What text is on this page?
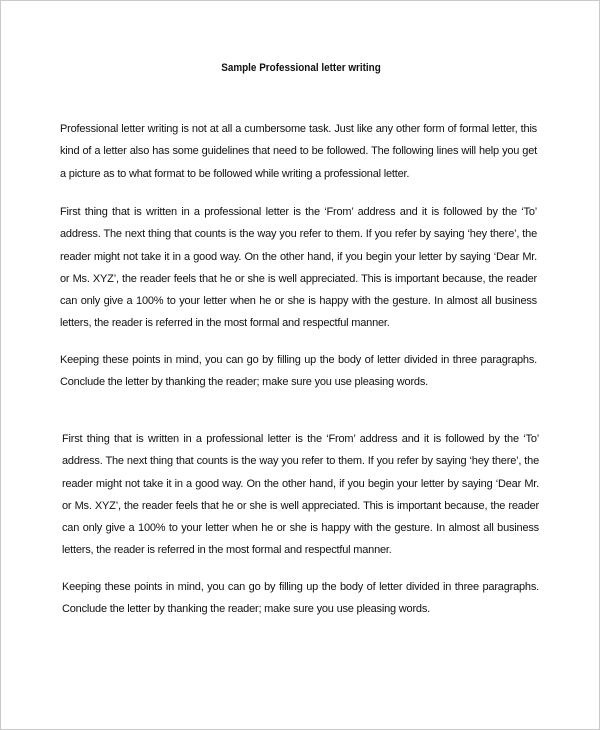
Sample Professional letter writing

Professional letter writing is not at all a cumbersome task. Just like any other form of formal letter, this kind of a letter also has some guidelines that need to be followed. The following lines will help you get a picture as to what format to be followed while writing a professional letter.

First thing that is written in a professional letter is the ‘From’ address and it is followed by the ‘To’ address. The next thing that counts is the way you refer to them. If you refer by saying ‘hey there’, the reader might not take it in a good way. On the other hand, if you begin your letter by saying ‘Dear Mr. or Ms. XYZ’, the reader feels that he or she is well appreciated. This is important because, the reader can only give a 100% to your letter when he or she is happy with the gesture. In almost all business letters, the reader is referred in the most formal and respectful manner.

Keeping these points in mind, you can go by filling up the body of letter divided in three paragraphs. Conclude the letter by thanking the reader; make sure you use pleasing words.

First thing that is written in a professional letter is the ‘From’ address and it is followed by the ‘To’ address. The next thing that counts is the way you refer to them. If you refer by saying ‘hey there’, the reader might not take it in a good way. On the other hand, if you begin your letter by saying ‘Dear Mr. or Ms. XYZ’, the reader feels that he or she is well appreciated. This is important because, the reader can only give a 100% to your letter when he or she is happy with the gesture. In almost all business letters, the reader is referred in the most formal and respectful manner.

Keeping these points in mind, you can go by filling up the body of letter divided in three paragraphs. Conclude the letter by thanking the reader; make sure you use pleasing words.
